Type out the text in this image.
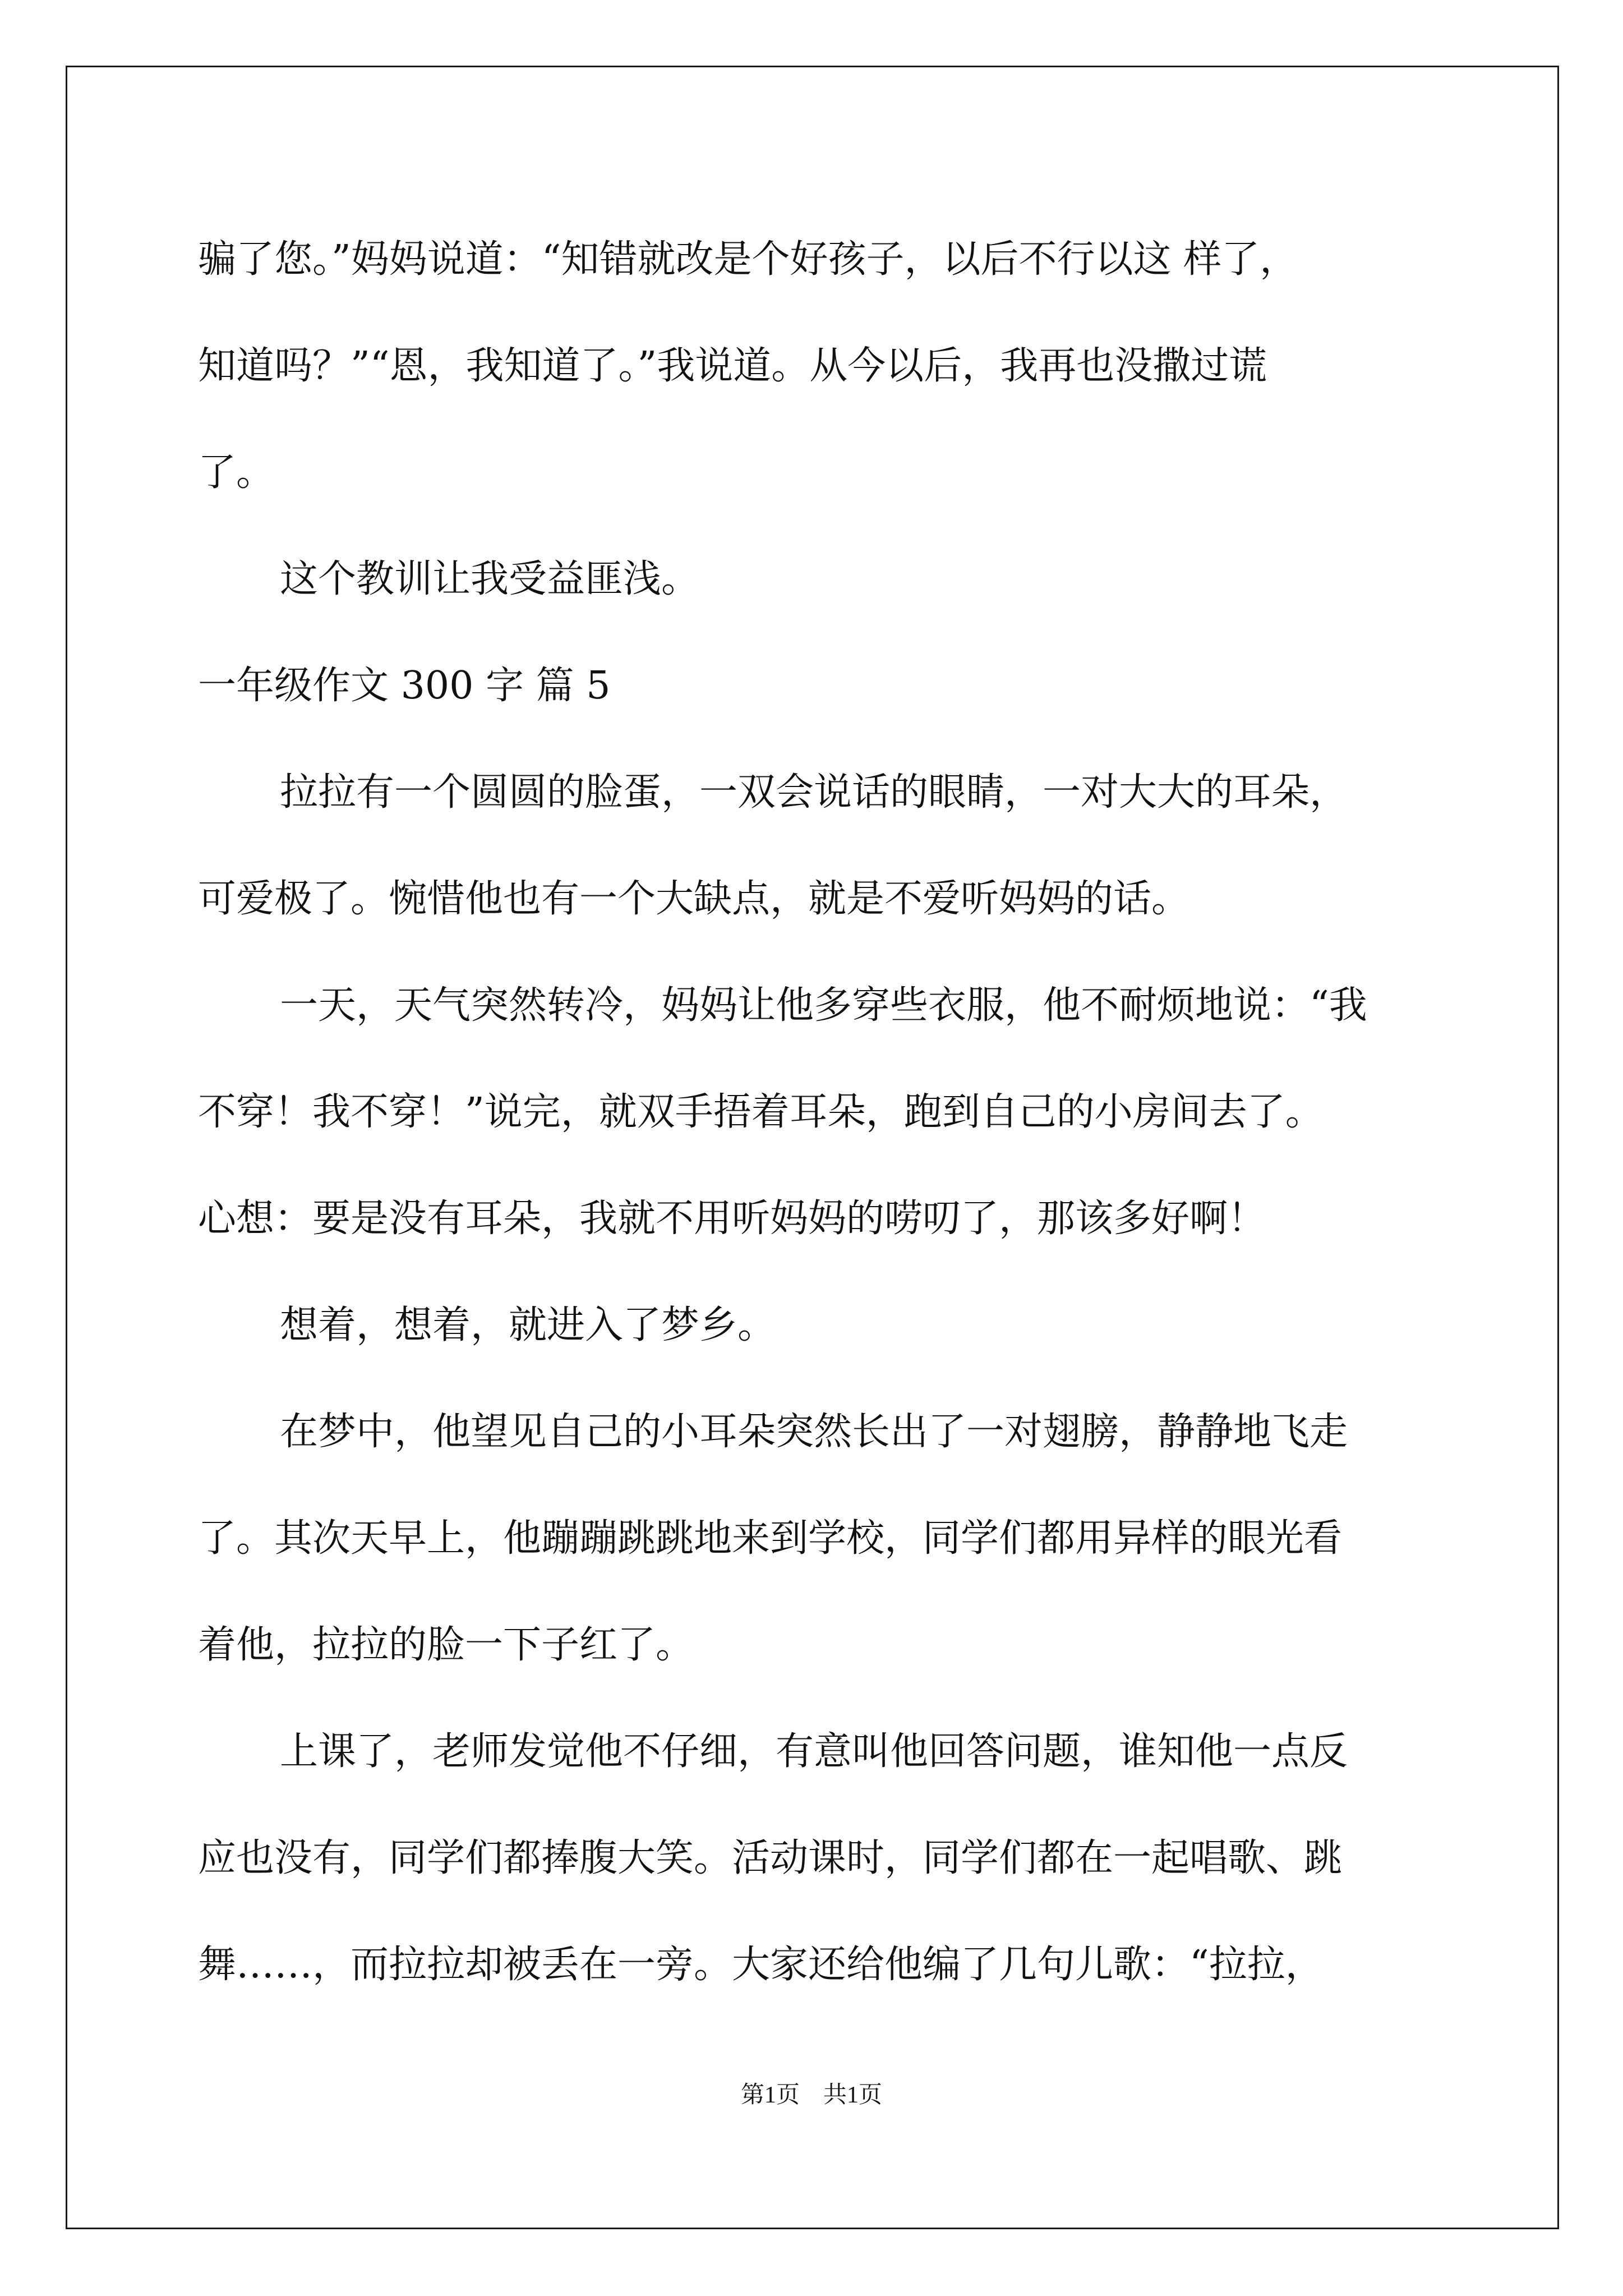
骗了您。”妈妈说道：“知错就改是个好孩子，以后不行以这 样了，
知道吗？”“恩，我知道了。”我说道。从今以后，我再也没撒过谎
了。
这个教训让我受益匪浅。
一年级作文 300 字 篇 5
拉拉有一个圆圆的脸蛋，一双会说话的眼睛，一对大大的耳朵，
可爱极了。惋惜他也有一个大缺点，就是不爱听妈妈的话。
一天，天气突然转冷，妈妈让他多穿些衣服，他不耐烦地说：“我
不穿！我不穿！”说完，就双手捂着耳朵，跑到自己的小房间去了。
心想：要是没有耳朵，我就不用听妈妈的唠叨了，那该多好啊！
想着，想着，就进入了梦乡。
在梦中，他望见自己的小耳朵突然长出了一对翅膀，静静地飞走
了。其次天早上，他蹦蹦跳跳地来到学校，同学们都用异样的眼光看
着他，拉拉的脸一下子红了。
上课了，老师发觉他不仔细，有意叫他回答问题，谁知他一点反
应也没有，同学们都捧腹大笑。活动课时，同学们都在一起唱歌、跳
舞……，而拉拉却被丢在一旁。大家还给他编了几句儿歌：“拉拉，
第1页　共1页
